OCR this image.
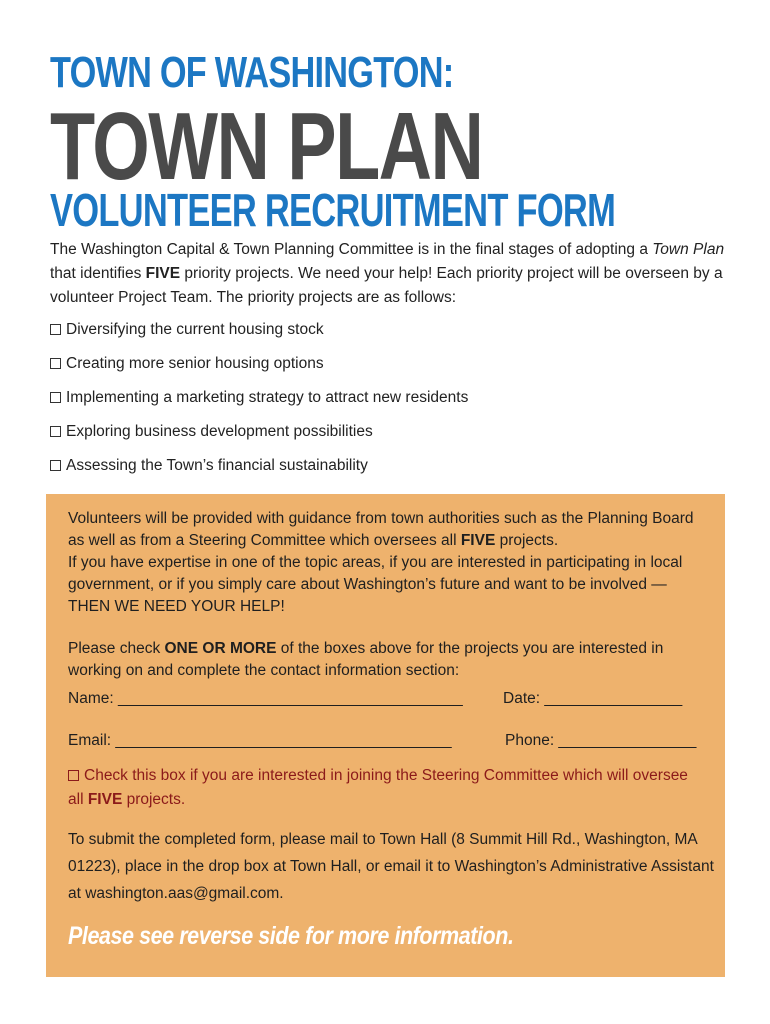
TOWN OF WASHINGTON:
TOWN PLAN
VOLUNTEER RECRUITMENT FORM
The Washington Capital & Town Planning Committee is in the final stages of adopting a Town Plan that identifies FIVE priority projects. We need your help! Each priority project will be overseen by a volunteer Project Team. The priority projects are as follows:
Diversifying the current housing stock
Creating more senior housing options
Implementing a marketing strategy to attract new residents
Exploring business development possibilities
Assessing the Town’s financial sustainability

Volunteers will be provided with guidance from town authorities such as the Planning Board as well as from a Steering Committee which oversees all FIVE projects.

If you have expertise in one of the topic areas, if you are interested in participating in local government, or if you simply care about Washington’s future and want to be involved — THEN WE NEED YOUR HELP!

Please check ONE OR MORE of the boxes above for the projects you are interested in working on and complete the contact information section:

Name: ________________________________________	Date: ________________
Email: _______________________________________	Phone: ________________
Check this box if you are interested in joining the Steering Committee which will oversee all FIVE projects.
To submit the completed form, please mail to Town Hall (8 Summit Hill Rd., Washington, MA 01223), place in the drop box at Town Hall, or email it to Washington’s Administrative Assistant at washington.aas@gmail.com.
Please see reverse side for more information.
